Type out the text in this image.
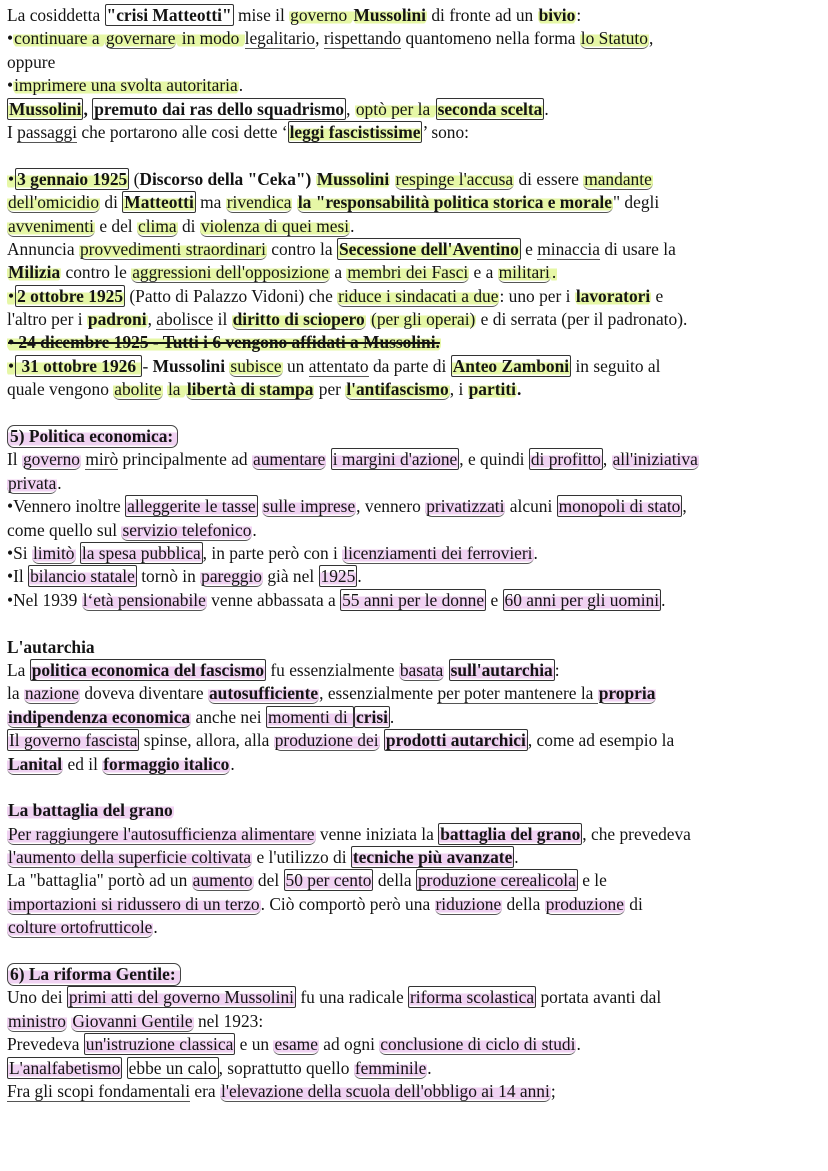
La cosiddetta "crisi Matteotti" mise il governo Mussolini di fronte ad un bivio:
•continuare a governare in modo legalitario, rispettando quantomeno nella forma lo Statuto,
oppure
•imprimere una svolta autoritaria.
Mussolini , premuto dai ras dello squadrismo , optò per la seconda scelta .
I passaggi che portarono alle cosi dette ‘ leggi fascistissime ’ sono:
• 3 gennaio 1925 (Discorso della "Ceka") Mussolini respinge l'accusa di essere mandante
dell'omicidio di Matteotti ma rivendica la "responsabilità politica storica e morale" degli
avvenimenti e del clima di violenza di quei mesi.
Annuncia provvedimenti straordinari contro la Secessione dell'Aventino e minaccia di usare la
Milizia contro le aggressioni dell'opposizione a membri dei Fasci e a militari .
• 2 ottobre 1925 (Patto di Palazzo Vidoni) che riduce i sindacati a due: uno per i lavoratori e
l'altro per i padroni, abolisce il diritto di sciopero (per gli operai) e di serrata (per il padronato).
• 24 dicembre 1925 - Tutti i 6 vengono affidati a Mussolini.
• 31 ottobre 1926 - Mussolini subisce un attentato da parte di Anteo Zamboni in seguito al
quale vengono abolite la libertà di stampa per l'antifascismo, i partiti.
5) Politica economica:
Il governo mirò principalmente ad aumentare i margini d'azione , e quindi di profitto , all'iniziativa
privata.
•Vennero inoltre alleggerite le tasse sulle imprese, vennero privatizzati alcuni monopoli di stato ,
come quello sul servizio telefonico.
•Si limitò la spesa pubblica , in parte però con i licenziamenti dei ferrovieri.
•Il bilancio statale tornò in pareggio già nel 1925 .
•Nel 1939 l‘età pensionabile venne abbassata a 55 anni per le donne e 60 anni per gli uomini .
L'autarchia
La politica economica del fascismo fu essenzialmente basata sull'autarchia :
la nazione doveva diventare autosufficiente, essenzialmente per poter mantenere la propria
indipendenza economica anche nei momenti di crisi .
Il governo fascista spinse, allora, alla produzione dei prodotti autarchici , come ad esempio la
Lanital ed il formaggio italico.
La battaglia del grano
Per raggiungere l'autosufficienza alimentare venne iniziata la battaglia del grano , che prevedeva
l'aumento della superficie coltivata e l'utilizzo di tecniche più avanzate .
La "battaglia" portò ad un aumento del 50 per cento della produzione cerealicola e le
importazioni si ridussero di un terzo. Ciò comportò però una riduzione della produzione di
colture ortofrutticole.
6) La riforma Gentile:
Uno dei primi atti del governo Mussolini fu una radicale riforma scolastica portata avanti dal
ministro Giovanni Gentile nel 1923:
Prevedeva un'istruzione classica e un esame ad ogni conclusione di ciclo di studi.
L'analfabetismo ebbe un calo , soprattutto quello femminile.
Fra gli scopi fondamentali era l'elevazione della scuola dell'obbligo ai 14 anni;
